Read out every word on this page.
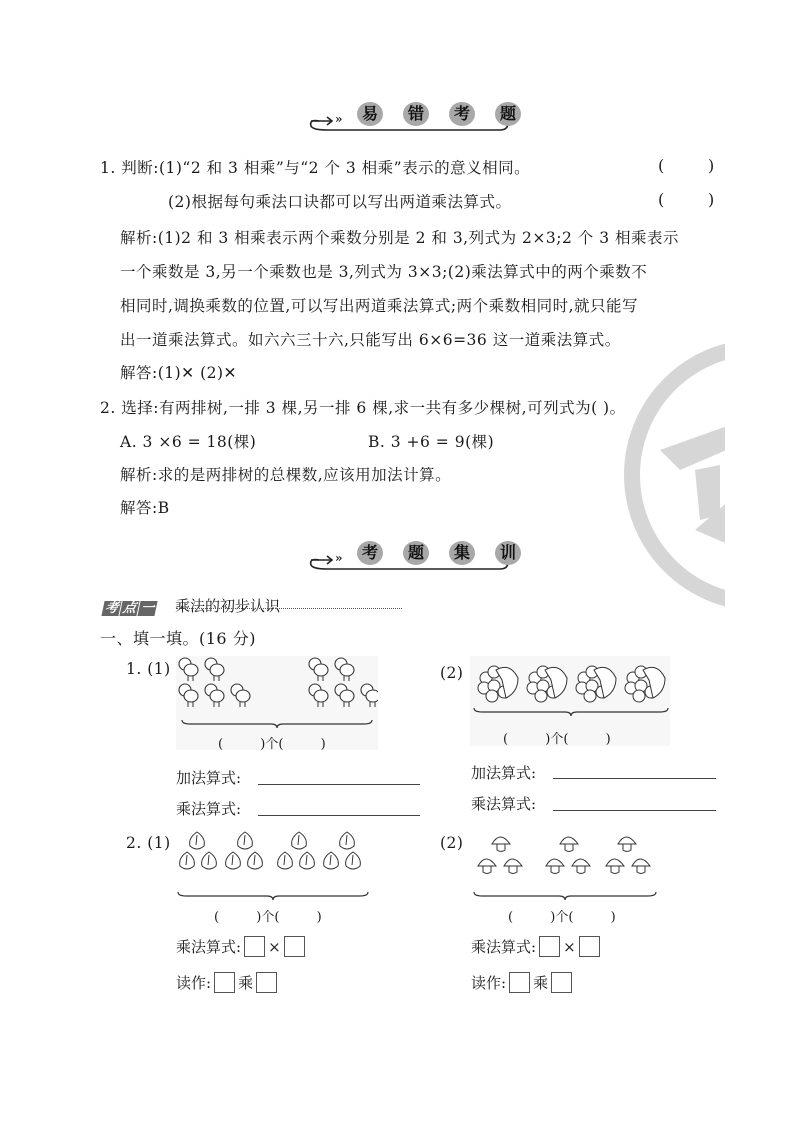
»	易	错	考	题
1. 判断:(1)“2 和 3 相乘”与“2 个 3 相乘”表示的意义相同。	(	)
(2)根据每句乘法口诀都可以写出两道乘法算式。	(	)
解析:(1)2 和 3 相乘表示两个乘数分别是 2 和 3,列式为 2×3;2 个 3 相乘表示
一个乘数是 3,另一个乘数也是 3,列式为 3×3;(2)乘法算式中的两个乘数不
相同时,调换乘数的位置,可以写出两道乘法算式;两个乘数相同时,就只能写
出一道乘法算式。如六六三十六,只能写出 6×6=36 这一道乘法算式。
解答:(1)✕ (2)✕
2. 选择:有两排树,一排 3 棵,另一排 6 棵,求一共有多少棵树,可列式为( )。
A. 3 ×6 = 18(棵)	B. 3 +6 = 9(棵)
解析:求的是两排树的总棵数,应该用加法计算。
解答:B
»	考	题	集	训
考 点 一 乘法的初步认识
一、填一填。(16 分)
1. (1)
(         )个(         )
加法算式:
乘法算式:
(2)
(         )个(         )
加法算式:
乘法算式:
2. (1)
(         )个(         )
乘法算式: ×
读作: 乘
(2)
(         )个(         )
乘法算式: ×
读作: 乘
